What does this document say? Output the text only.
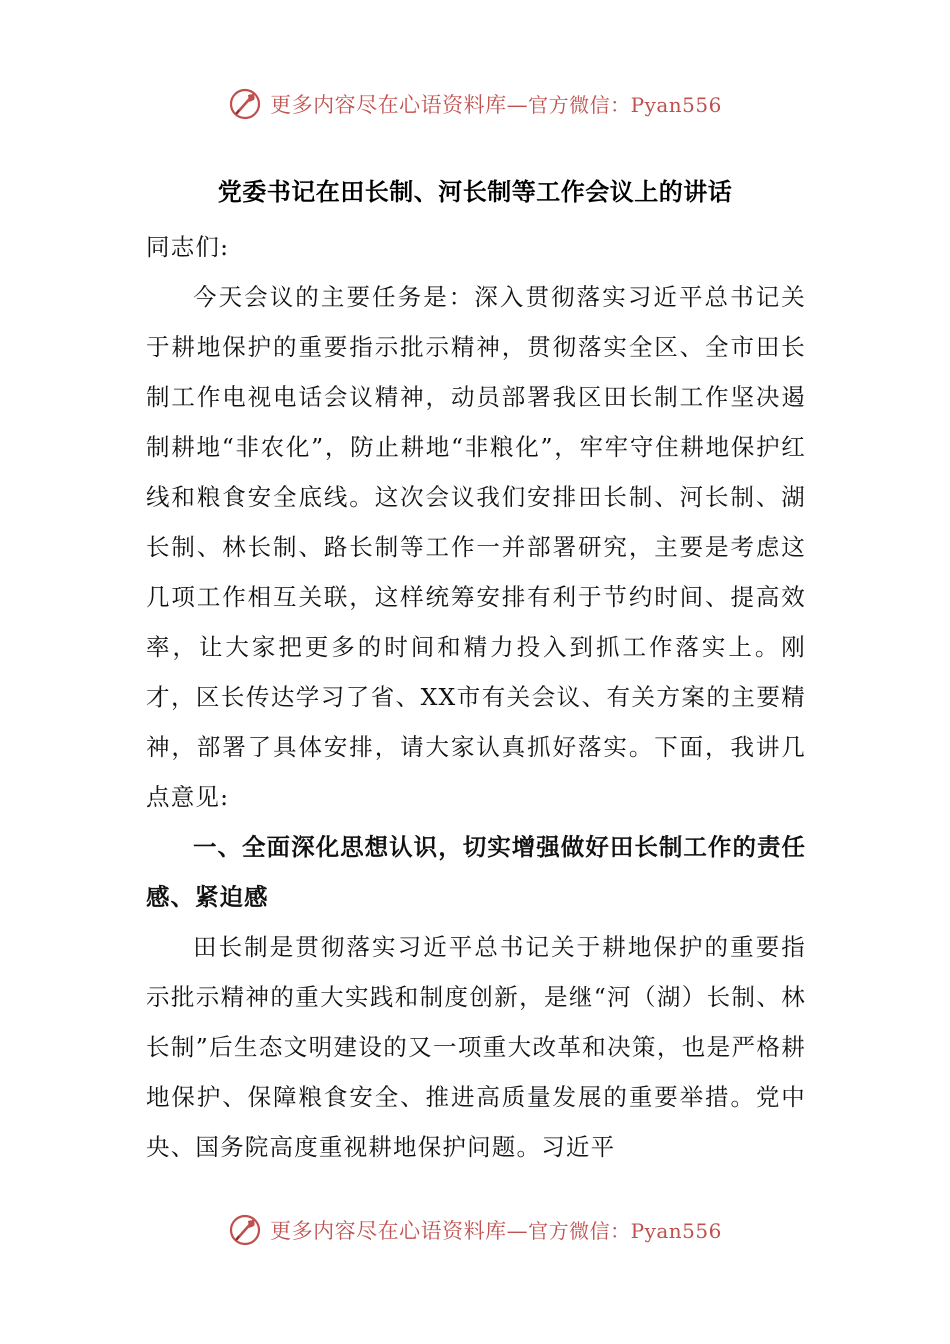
更多内容尽在心语资料库—官方微信：Pyan556
党委书记在田长制、河长制等工作会议上的讲话

同志们:

今天会议的主要任务是：深入贯彻落实习近平总书记关于耕地保护的重要指示批示精神，贯彻落实全区、全市田长制工作电视电话会议精神，动员部署我区田长制工作坚决遏制耕地“非农化”，防止耕地“非粮化”，牢牢守住耕地保护红线和粮食安全底线。这次会议我们安排田长制、河长制、湖长制、林长制、路长制等工作一并部署研究，主要是考虑这几项工作相互关联，这样统筹安排有利于节约时间、提高效率，让大家把更多的时间和精力投入到抓工作落实上。刚才，区长传达学习了省、XX市有关会议、有关方案的主要精神，部署了具体安排，请大家认真抓好落实。下面，我讲几点意见:

一、全面深化思想认识，切实增强做好田长制工作的责任感、紧迫感

田长制是贯彻落实习近平总书记关于耕地保护的重要指示批示精神的重大实践和制度创新，是继“河（湖）长制、林长制”后生态文明建设的又一项重大改革和决策，也是严格耕地保护、保障粮食安全、推进高质量发展的重要举措。党中央、国务院高度重视耕地保护问题。习近平

更多内容尽在心语资料库—官方微信：Pyan556
